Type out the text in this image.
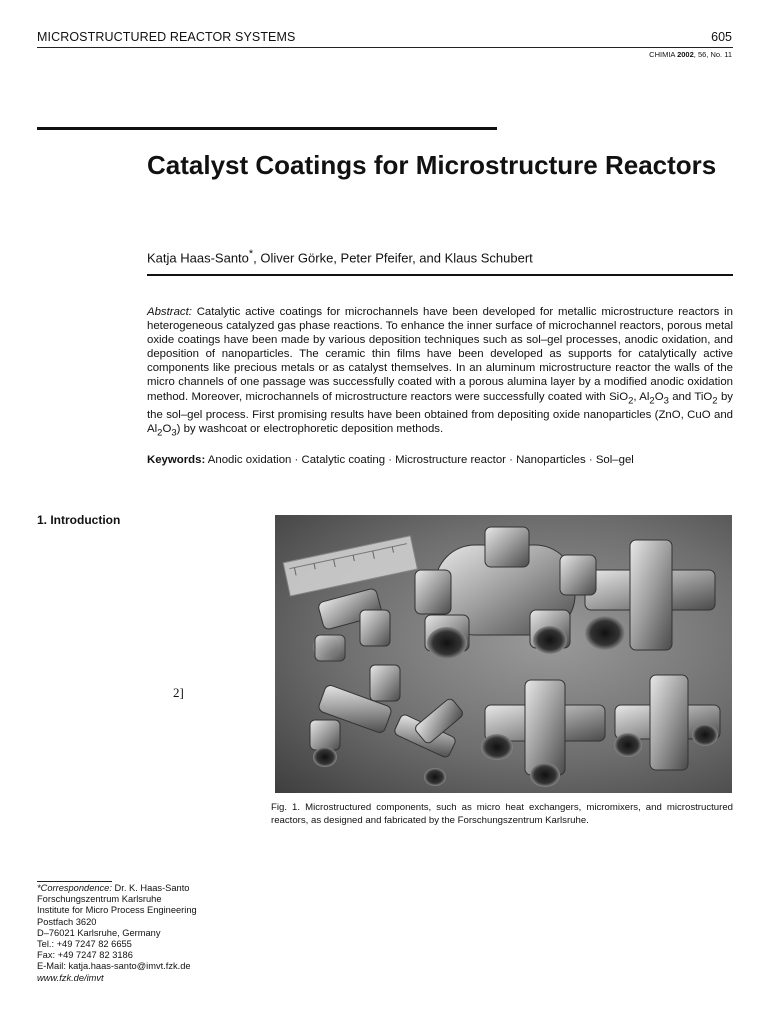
MICROSTRUCTURED REACTOR SYSTEMS	605
CHIMIA 2002, 56, No. 11
Catalyst Coatings for Microstructure Reactors
Katja Haas-Santo*, Oliver Görke, Peter Pfeifer, and Klaus Schubert

Abstract: Catalytic active coatings for microchannels have been developed for metallic microstructure reactors in heterogeneous catalyzed gas phase reactions. To enhance the inner surface of microchannel reactors, porous metal oxide coatings have been made by various deposition techniques such as sol–gel processes, anodic oxidation, and deposition of nanoparticles. The ceramic thin films have been developed as supports for catalytically active components like precious metals or as catalyst themselves. In an aluminum microstructure reactor the walls of the micro channels of one passage was successfully coated with a porous alumina layer by a modified anodic oxidation method. Moreover, microchannels of microstructure reactors were successfully coated with SiO$_2$, $Al_2O_3$ and TiO$_2$ by the sol–gel process. First promising results have been obtained from depositing oxide nanoparticles (ZnO, CuO and $Al_2O_3$) by washcoat or electrophoretic deposition methods.

Keywords: Anodic oxidation · Catalytic coating · Microstructure reactor · Nanoparticles · Sol–gel
1. Introduction
2]
Fig. 1. Microstructured components, such as micro heat exchangers, micromixers, and microstructured reactors, as designed and fabricated by the Forschungszentrum Karlsruhe.
*Correspondence: Dr. K. Haas-Santo
Forschungszentrum Karlsruhe
Institute for Micro Process Engineering
Postfach 3620
D–76021 Karlsruhe, Germany
Tel.: +49 7247 82 6655
Fax: +49 7247 82 3186
E-Mail: katja.haas-santo@imvt.fzk.de
www.fzk.de/imvt
